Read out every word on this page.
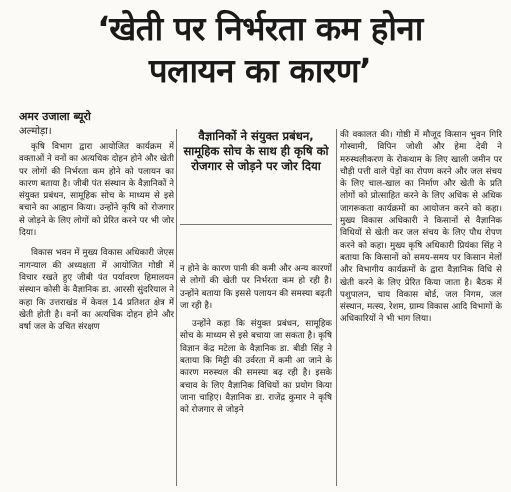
‘खेती पर निर्भरता कम होना
पलायन का कारण’
अमर उजाला ब्यूरो
अल्मोड़ा।

कृषि विभाग द्वारा आयोजित कार्यक्रम में वक्ताओं ने वनों का अत्यधिक दोहन होने और खेती पर लोगों की निर्भरता कम होने को पलायन का कारण बताया है। जीबी पंत संस्थान के वैज्ञानिकों ने संयुक्त प्रबंधन, सामूहिक सोच के माध्यम से इसे बचाने का आह्वान किया। उन्होंने कृषि को रोजगार से जोड़ने के लिए लोगों को प्रेरित करने पर भी जोर दिया।

विकास भवन में मुख्य विकास अधिकारी जेएस नागन्याल की अध्यक्षता में आयोजित गोष्ठी में विचार रखते हुए जीबी पंत पर्यावरण हिमालयन संस्थान कोसी के वैज्ञानिक डा. आरसी सुंदरियाल ने कहा कि उत्तराखंड में केवल 14 प्रतिशत क्षेत्र में खेती होती है। वनों का अत्यधिक दोहन होने और वर्षा जल के उचित संरक्षण

वैज्ञानिकों ने संयुक्त प्रबंधन, सामूहिक सोच के साथ ही कृषि को रोजगार से जोड़ने पर जोर दिया

न होने के कारण पानी की कमी और अन्य कारणों से लोगों की खेती पर निर्भरता कम हो रही है। उन्होंने बताया कि इससे पलायन की समस्या बढ़ती जा रही है।

उन्होंने कहा कि संयुक्त प्रबंधन, सामूहिक सोच के माध्यम से इसे बचाया जा सकता है। कृषि विज्ञान केंद्र मटेला के वैज्ञानिक डा. बीडी सिंह ने बताया कि मिट्टी की उर्वरता में कमी आ जाने के कारण मरुस्थल की समस्या बढ़ रही है। इसके बचाव के लिए वैज्ञानिक विधियों का प्रयोग किया जाना चाहिए। वैज्ञानिक डा. राजेंद्र कुमार ने कृषि को रोजगार से जोड़ने

की वकालत की। गोष्ठी में मौजूद किसान भुवन गिरि गोस्वामी, विपिन जोशी और हेमा देवी ने मरुस्थलीकरण के रोकथाम के लिए खाली जमीन पर चौड़ी पत्ती वाले पेड़ों का रोपण करने और जल संचय के लिए चाल-खाल का निर्माण और खेती के प्रति लोगों को प्रोत्साहित करने के लिए अधिक से अधिक जागरूकता कार्यक्रमों का आयोजन करने को कहा। मुख्य विकास अधिकारी ने किसानों से वैज्ञानिक विधियों से खेती कर जल संचय के लिए पौध रोपण करने को कहा। मुख्य कृषि अधिकारी प्रियंका सिंह ने बताया कि किसानों को समय-समय पर किसान मेलों और विभागीय कार्यक्रमों के द्वारा वैज्ञानिक विधि से खेती करने के लिए प्रेरित किया जाता है। बैठक में पशुपालन, चाय विकास बोर्ड, जल निगम, जल संस्थान, मत्स्य, रेशम, ग्राम्य विकास आदि विभागों के अधिकारियों ने भी भाग लिया।
